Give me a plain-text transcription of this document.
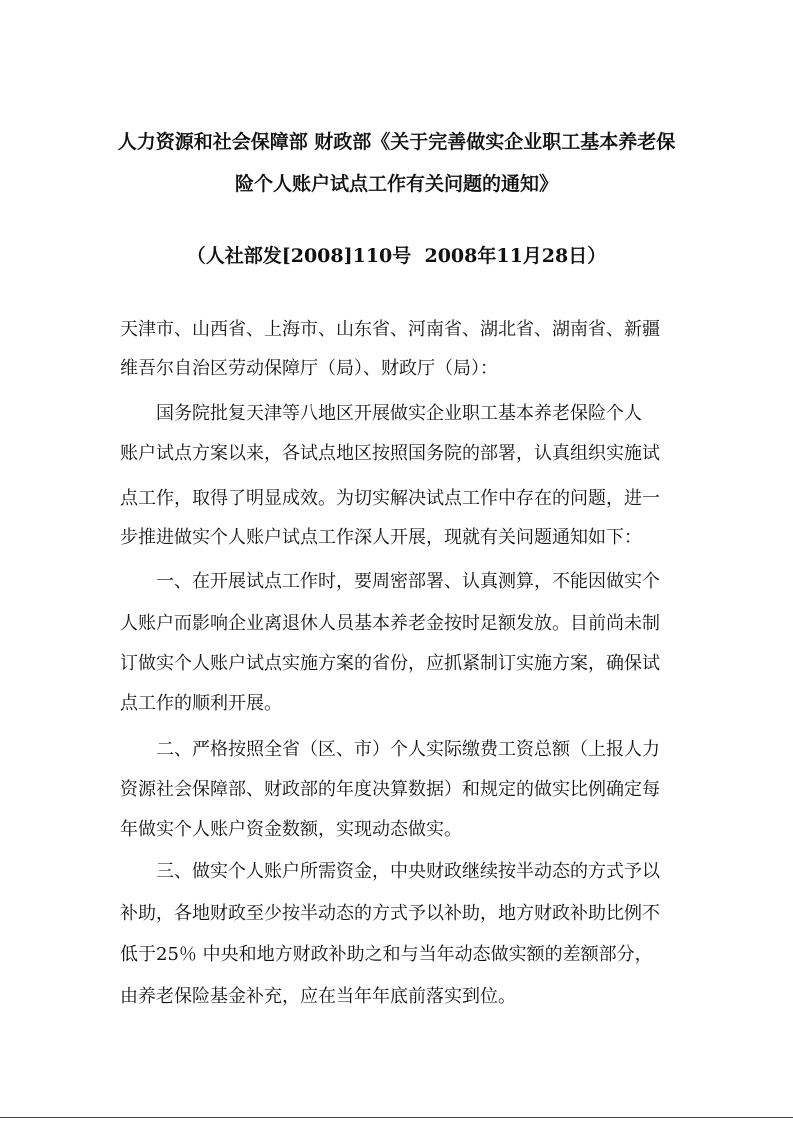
人力资源和社会保障部 财政部《关于完善做实企业职工基本养老保
险个人账户试点工作有关问题的通知》
（人社部发[2008]110号  2008年11月28日）
天津市、山西省、上海市、山东省、河南省、湖北省、湖南省、新疆
维吾尔自治区劳动保障厅（局）、财政厅（局）：
国务院批复天津等八地区开展做实企业职工基本养老保险个人
账户试点方案以来，各试点地区按照国务院的部署，认真组织实施试
点工作，取得了明显成效。为切实解决试点工作中存在的问题，进一
步推进做实个人账户试点工作深人开展，现就有关问题通知如下：
一、在开展试点工作时，要周密部署、认真测算，不能因做实个
人账户而影响企业离退休人员基本养老金按时足额发放。目前尚未制
订做实个人账户试点实施方案的省份，应抓紧制订实施方案，确保试
点工作的顺利开展。
二、严格按照全省（区、市）个人实际缴费工资总额（上报人力
资源社会保障部、财政部的年度决算数据）和规定的做实比例确定每
年做实个人账户资金数额，实现动态做实。
三、做实个人账户所需资金，中央财政继续按半动态的方式予以
补助，各地财政至少按半动态的方式予以补助，地方财政补助比例不
低于25％ 中央和地方财政补助之和与当年动态做实额的差额部分，
由养老保险基金补充，应在当年年底前落实到位。
